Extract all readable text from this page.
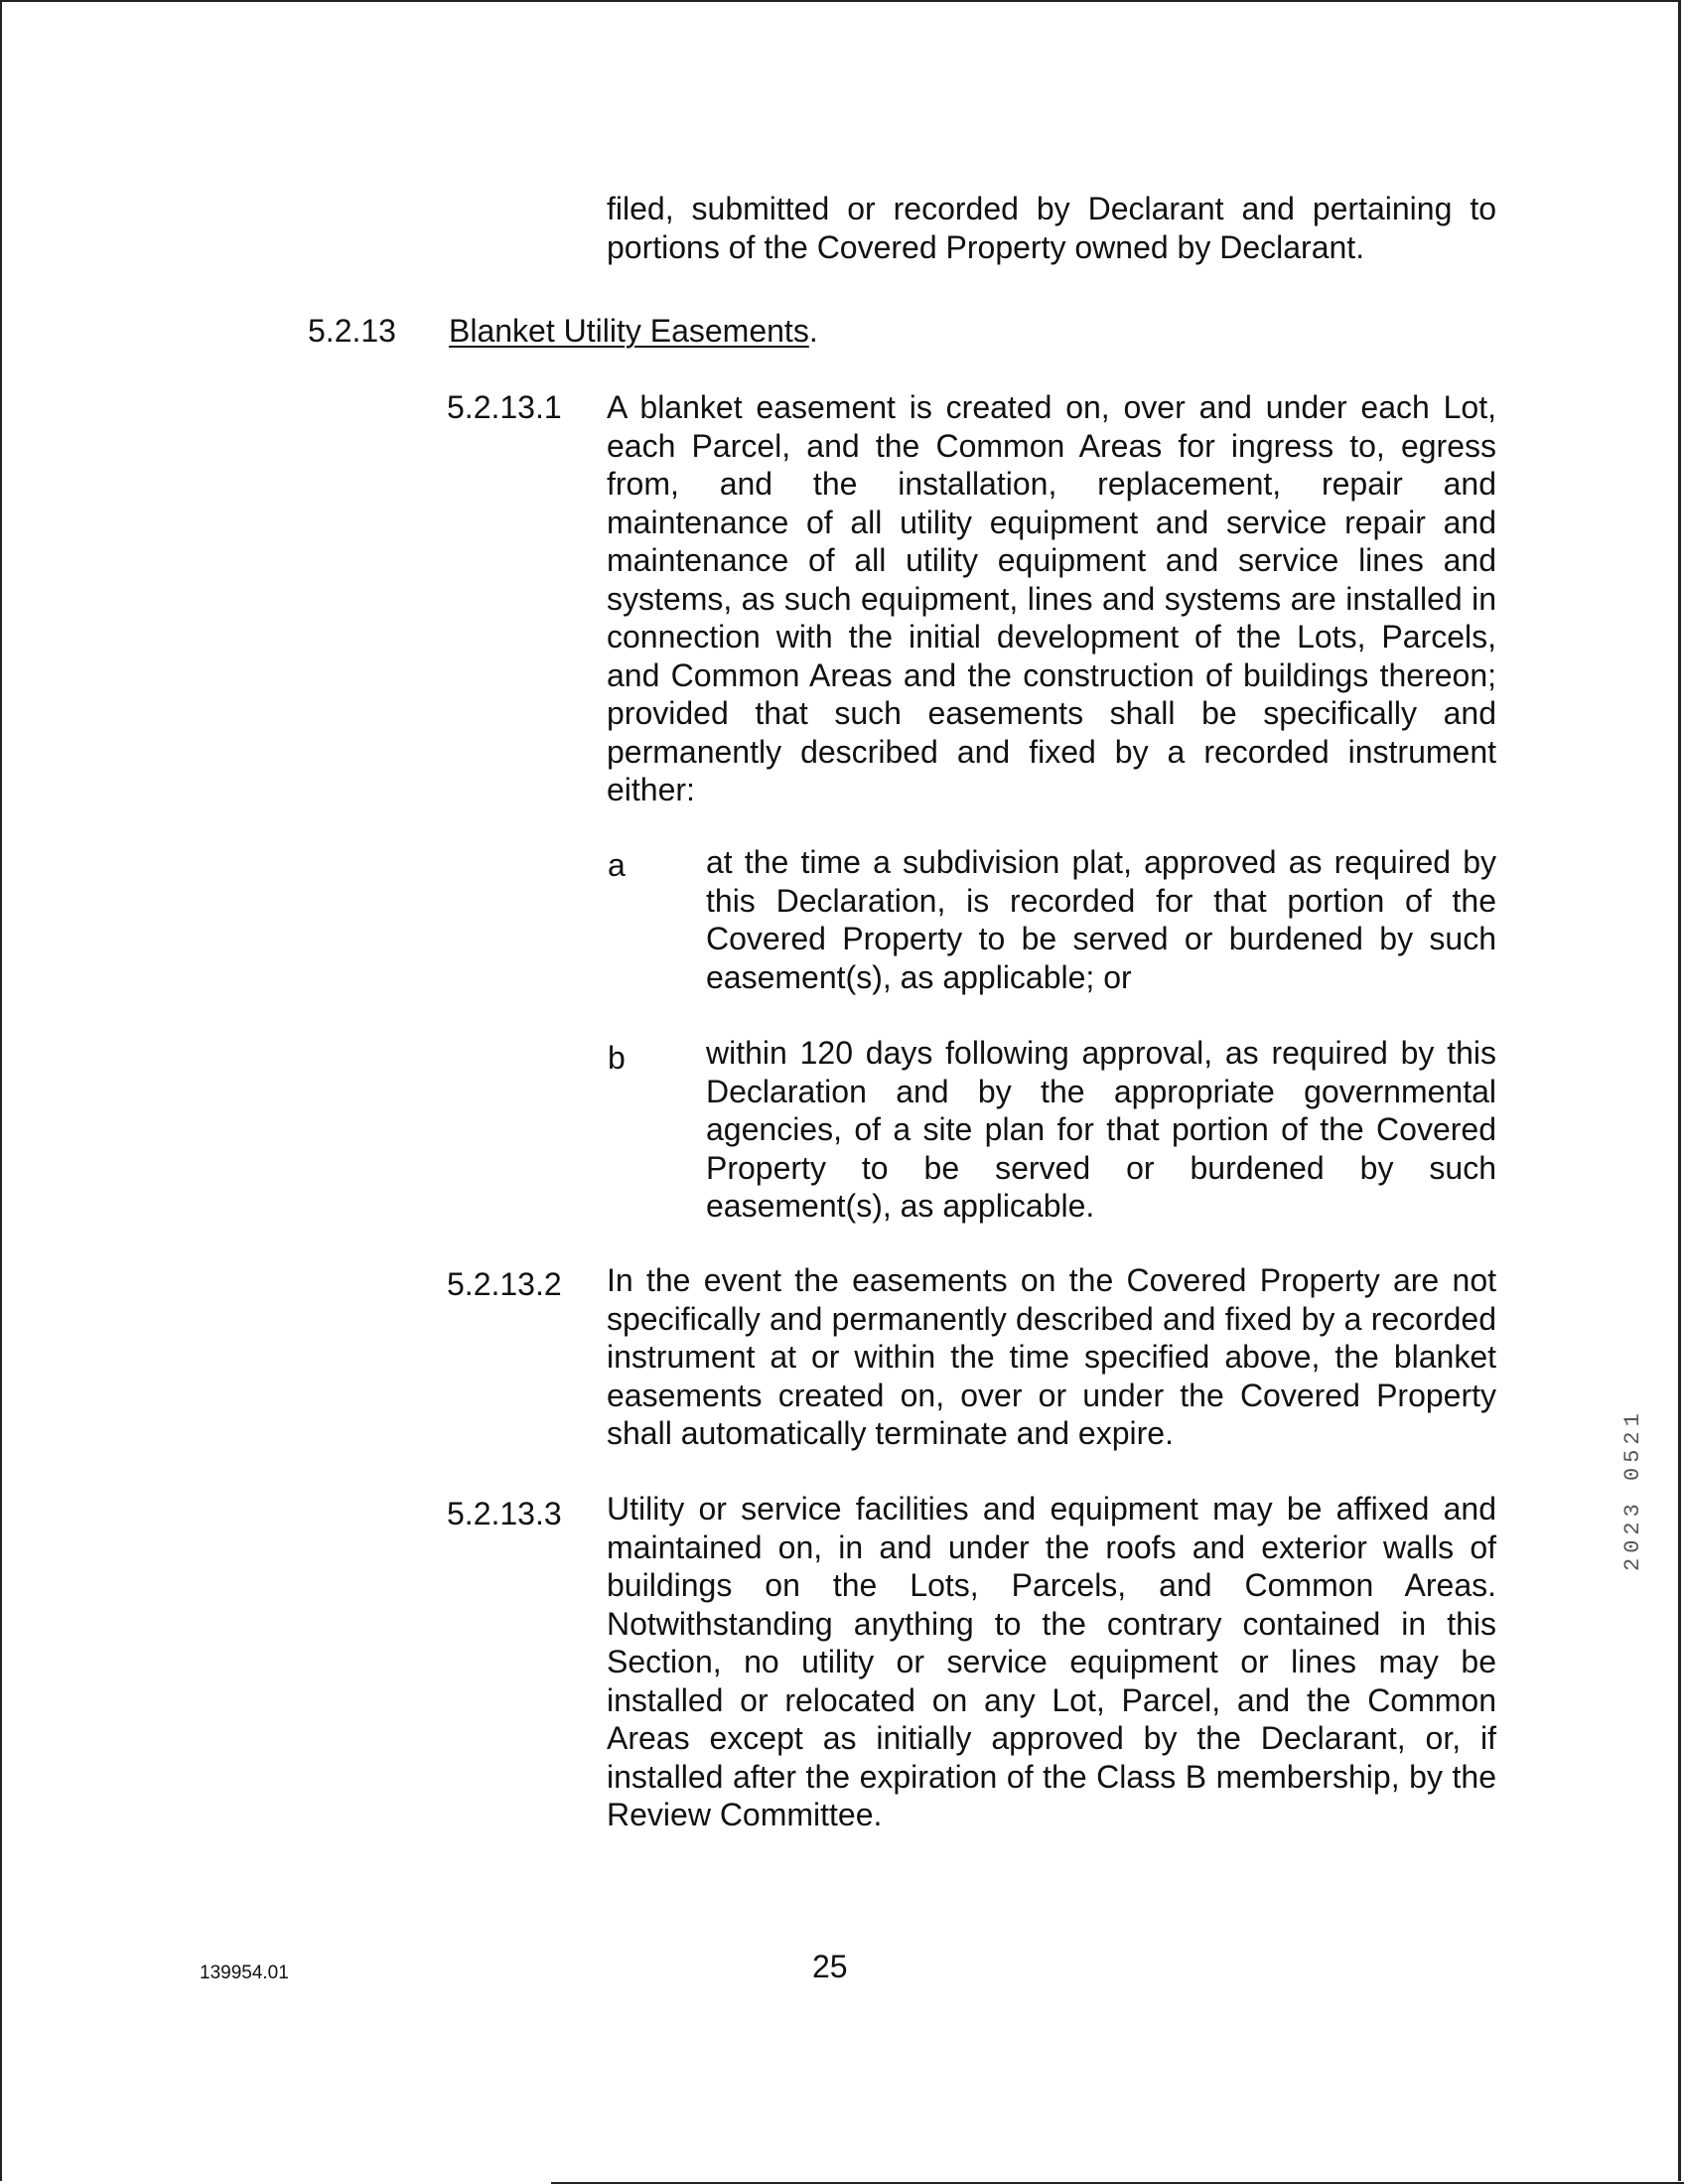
filed, submitted or recorded by Declarant and pertaining to portions of the Covered Property owned by Declarant.
5.2.13 Blanket Utility Easements.
5.2.13.1 A blanket easement is created on, over and under each Lot, each Parcel, and the Common Areas for ingress to, egress from, and the installation, replacement, repair and maintenance of all utility equipment and service repair and maintenance of all utility equipment and service lines and systems, as such equipment, lines and systems are installed in connection with the initial development of the Lots, Parcels, and Common Areas and the construction of buildings thereon; provided that such easements shall be specifically and permanently described and fixed by a recorded instrument either:
a	at the time a subdivision plat, approved as required by this Declaration, is recorded for that portion of the Covered Property to be served or burdened by such easement(s), as applicable; or
b	within 120 days following approval, as required by this Declaration and by the appropriate governmental agencies, of a site plan for that portion of the Covered Property to be served or burdened by such easement(s), as applicable.
5.2.13.2 In the event the easements on the Covered Property are not specifically and permanently described and fixed by a recorded instrument at or within the time specified above, the blanket easements created on, over or under the Covered Property shall automatically terminate and expire.
5.2.13.3 Utility or service facilities and equipment may be affixed and maintained on, in and under the roofs and exterior walls of buildings on the Lots, Parcels, and Common Areas. Notwithstanding anything to the contrary contained in this Section, no utility or service equipment or lines may be installed or relocated on any Lot, Parcel, and the Common Areas except as initially approved by the Declarant, or, if installed after the expiration of the Class B membership, by the Review Committee.
139954.01	25
2023 0521
